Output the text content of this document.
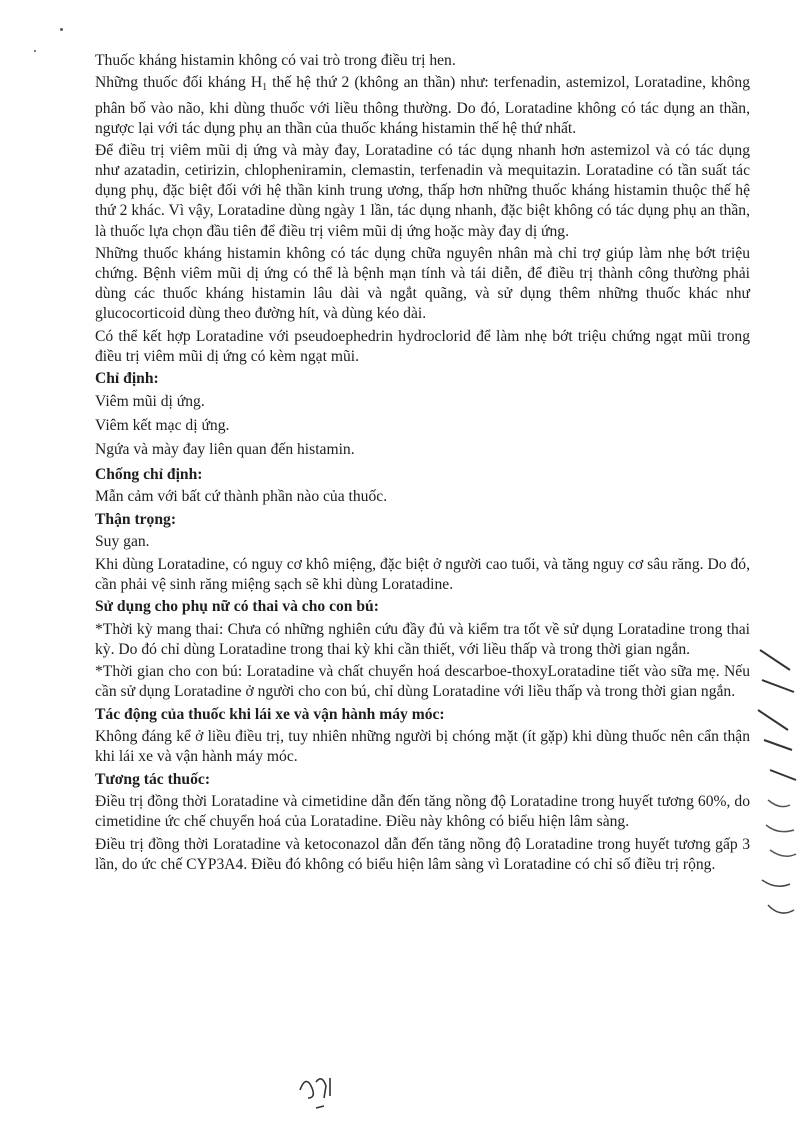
Thuốc kháng histamin không có vai trò trong điều trị hen.

Những thuốc đối kháng $H_1$ thế hệ thứ 2 (không an thần) như: terfenadin, astemizol, Loratadine, không phân bố vào não, khi dùng thuốc với liều thông thường. Do đó, Loratadine không có tác dụng an thần, ngược lại với tác dụng phụ an thần của thuốc kháng histamin thế hệ thứ nhất.

Để điều trị viêm mũi dị ứng và mày đay, Loratadine có tác dụng nhanh hơn astemizol và có tác dụng như azatadin, cetirizin, chlopheniramin, clemastin, terfenadin và mequitazin. Loratadine có tần suất tác dụng phụ, đặc biệt đối với hệ thần kinh trung ương, thấp hơn những thuốc kháng histamin thuộc thế hệ thứ 2 khác. Vì vậy, Loratadine dùng ngày 1 lần, tác dụng nhanh, đặc biệt không có tác dụng phụ an thần, là thuốc lựa chọn đầu tiên để điều trị viêm mũi dị ứng hoặc mày đay dị ứng.

Những thuốc kháng histamin không có tác dụng chữa nguyên nhân mà chỉ trợ giúp làm nhẹ bớt triệu chứng. Bệnh viêm mũi dị ứng có thể là bệnh mạn tính và tái diễn, để điều trị thành công thường phải dùng các thuốc kháng histamin lâu dài và ngắt quãng, và sử dụng thêm những thuốc khác như glucocorticoid dùng theo đường hít, và dùng kéo dài.

Có thể kết hợp Loratadine với pseudoephedrin hydroclorid để làm nhẹ bớt triệu chứng ngạt mũi trong điều trị viêm mũi dị ứng có kèm ngạt mũi.

Chỉ định:
Viêm mũi dị ứng.
Viêm kết mạc dị ứng.
Ngứa và mày đay liên quan đến histamin.
Chống chỉ định:

Mẫn cảm với bất cứ thành phần nào của thuốc.

Thận trọng:

Suy gan.

Khi dùng Loratadine, có nguy cơ khô miệng, đặc biệt ở người cao tuổi, và tăng nguy cơ sâu răng. Do đó, cần phải vệ sinh răng miệng sạch sẽ khi dùng Loratadine.

Sử dụng cho phụ nữ có thai và cho con bú:

*Thời kỳ mang thai: Chưa có những nghiên cứu đầy đủ và kiểm tra tốt về sử dụng Loratadine trong thai kỳ. Do đó chỉ dùng Loratadine trong thai kỳ khi cần thiết, với liều thấp và trong thời gian ngắn.

*Thời gian cho con bú: Loratadine và chất chuyển hoá descarboe-thoxyLoratadine tiết vào sữa mẹ. Nếu cần sử dụng Loratadine ở người cho con bú, chỉ dùng Loratadine với liều thấp và trong thời gian ngắn.

Tác động của thuốc khi lái xe và vận hành máy móc:

Không đáng kể ở liều điều trị, tuy nhiên những người bị chóng mặt (ít gặp) khi dùng thuốc nên cẩn thận khi lái xe và vận hành máy móc.

Tương tác thuốc:

Điều trị đồng thời Loratadine và cimetidine dẫn đến tăng nồng độ Loratadine trong huyết tương 60%, do cimetidine ức chế chuyển hoá của Loratadine. Điều này không có biểu hiện lâm sàng.

Điều trị đồng thời Loratadine và ketoconazol dẫn đến tăng nồng độ Loratadine trong huyết tương gấp 3 lần, do ức chế CYP3A4. Điều đó không có biểu hiện lâm sàng vì Loratadine có chỉ số điều trị rộng.
